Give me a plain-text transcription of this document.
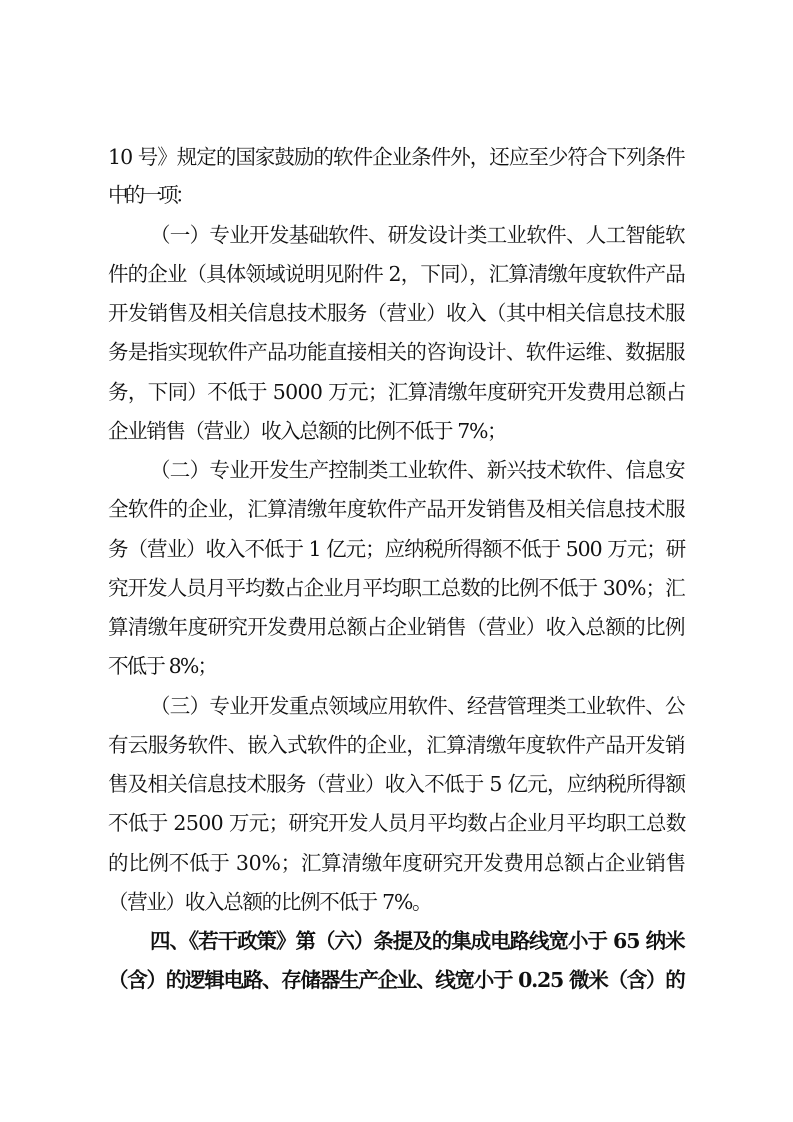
10 号》规定的国家鼓励的软件企业条件外，还应至少符合下列条件
中的一项：
（一）专业开发基础软件、研发设计类工业软件、人工智能软
件的企业（具体领域说明见附件 2，下同），汇算清缴年度软件产品
开发销售及相关信息技术服务（营业）收入（其中相关信息技术服
务是指实现软件产品功能直接相关的咨询设计、软件运维、数据服
务，下同）不低于 5000 万元；汇算清缴年度研究开发费用总额占
企业销售（营业）收入总额的比例不低于 7%；
（二）专业开发生产控制类工业软件、新兴技术软件、信息安
全软件的企业，汇算清缴年度软件产品开发销售及相关信息技术服
务（营业）收入不低于 1 亿元；应纳税所得额不低于 500 万元；研
究开发人员月平均数占企业月平均职工总数的比例不低于 30%；汇
算清缴年度研究开发费用总额占企业销售（营业）收入总额的比例
不低于 8%；
（三）专业开发重点领域应用软件、经营管理类工业软件、公
有云服务软件、嵌入式软件的企业，汇算清缴年度软件产品开发销
售及相关信息技术服务（营业）收入不低于 5 亿元，应纳税所得额
不低于 2500 万元；研究开发人员月平均数占企业月平均职工总数
的比例不低于 30%；汇算清缴年度研究开发费用总额占企业销售
（营业）收入总额的比例不低于 7%。
四、《若干政策》第（六）条提及的集成电路线宽小于 65 纳米
（含）的逻辑电路、存储器生产企业、线宽小于 0.25 微米（含）的
